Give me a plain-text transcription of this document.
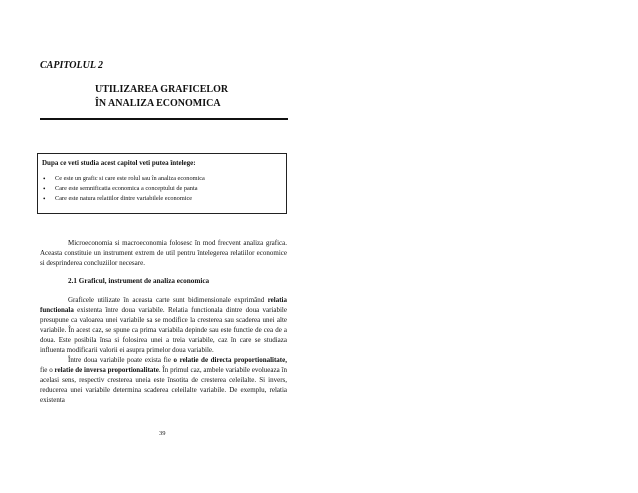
CAPITOLUL 2
UTILIZAREA GRAFICELOR
ÎN ANALIZA ECONOMICA
Dupa ce veti studia acest capitol veti putea întelege:
• Ce este un grafic si care este rolul sau în analiza economica
• Care este semnificatia economica a conceptului de panta
• Care este natura relatiilor dintre variabilele economice
Microeconomia si macroeconomia folosesc în mod frecvent analiza grafica. Aceasta constituie un instrument extrem de util pentru întelegerea relatiilor economice si desprinderea concluziilor necesare.
2.1 Graficul, instrument de analiza economica
Graficele utilizate în aceasta carte sunt bidimensionale exprimând relatia functionala existenta între doua variabile. Relatia functionala dintre doua variabile presupune ca valoarea unei variabile sa se modifice la cresterea sau scaderea unei alte variabile. În acest caz, se spune ca prima variabila depinde sau este functie de cea de a doua. Este posibila însa si folosirea unei a treia variabile, caz în care se studiaza influenta modificarii valorii ei asupra primelor doua variabile.
Între doua variabile poate exista fie o relatie de directa proportionalitate, fie o relatie de inversa proportionalitate. În primul caz, ambele variabile evolueaza în acelasi sens, respectiv cresterea uneia este însotita de cresterea celeilalte. Si invers, reducerea unei variabile determina scaderea celeilalte variabile. De exemplu, relatia existenta
39
